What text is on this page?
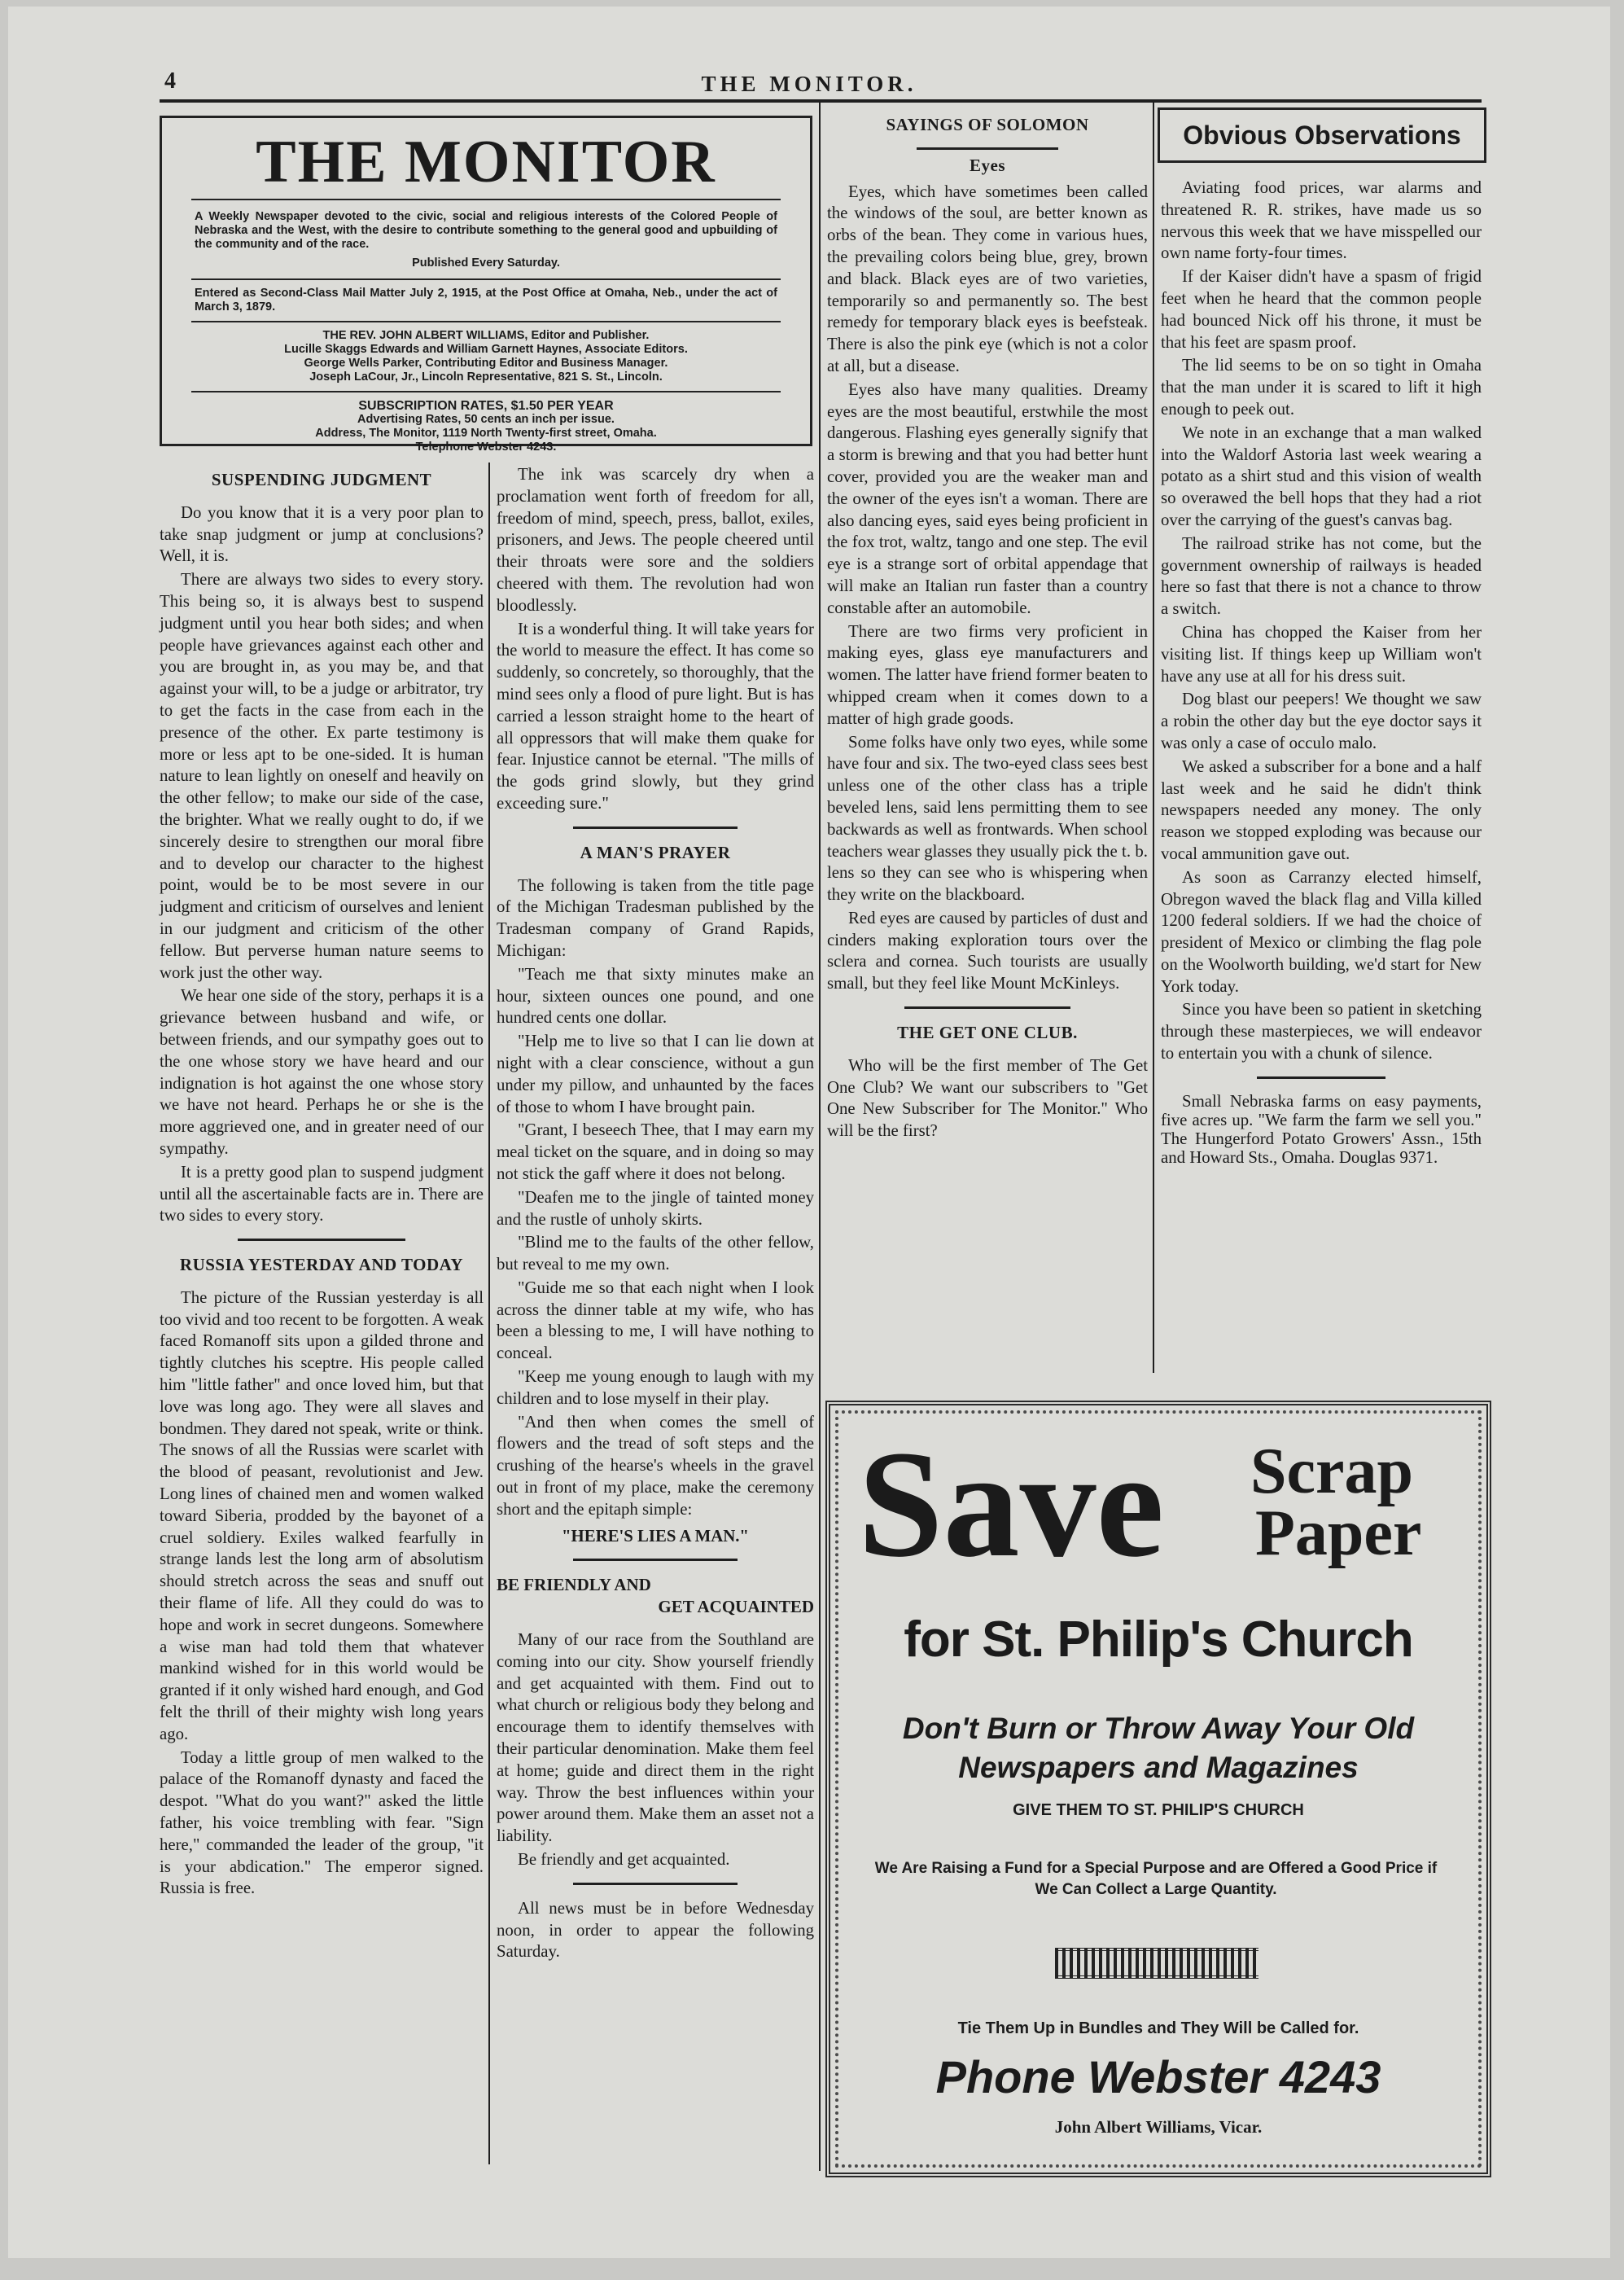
4	THE MONITOR.
THE MONITOR
A Weekly Newspaper devoted to the civic, social and religious interests of the Colored People of Nebraska and the West, with the desire to contribute something to the general good and upbuilding of the community and of the race.
Published Every Saturday.
Entered as Second-Class Mail Matter July 2, 1915, at the Post Office at Omaha, Neb., under the act of March 3, 1879.
THE REV. JOHN ALBERT WILLIAMS, Editor and Publisher.
Lucille Skaggs Edwards and William Garnett Haynes, Associate Editors.
George Wells Parker, Contributing Editor and Business Manager.
Joseph LaCour, Jr., Lincoln Representative, 821 S. St., Lincoln.
SUBSCRIPTION RATES, $1.50 PER YEAR
Advertising Rates, 50 cents an inch per issue.
Address, The Monitor, 1119 North Twenty-first street, Omaha.
Telephone Webster 4243.
SUSPENDING JUDGMENT

Do you know that it is a very poor plan to take snap judgment or jump at conclusions? Well, it is.

There are always two sides to every story. This being so, it is always best to suspend judgment until you hear both sides; and when people have grievances against each other and you are brought in, as you may be, and that against your will, to be a judge or arbitrator, try to get the facts in the case from each in the presence of the other. Ex parte testimony is more or less apt to be one-sided. It is human nature to lean lightly on oneself and heavily on the other fellow; to make our side of the case, the brighter. What we really ought to do, if we sincerely desire to strengthen our moral fibre and to develop our character to the highest point, would be to be most severe in our judgment and criticism of ourselves and lenient in our judgment and criticism of the other fellow. But perverse human nature seems to work just the other way.

We hear one side of the story, perhaps it is a grievance between husband and wife, or between friends, and our sympathy goes out to the one whose story we have heard and our indignation is hot against the one whose story we have not heard. Perhaps he or she is the more aggrieved one, and in greater need of our sympathy.

It is a pretty good plan to suspend judgment until all the ascertainable facts are in. There are two sides to every story.

RUSSIA YESTERDAY AND TODAY

The picture of the Russian yesterday is all too vivid and too recent to be forgotten. A weak faced Romanoff sits upon a gilded throne and tightly clutches his sceptre. His people called him "little father" and once loved him, but that love was long ago. They were all slaves and bondmen. They dared not speak, write or think. The snows of all the Russias were scarlet with the blood of peasant, revolutionist and Jew. Long lines of chained men and women walked toward Siberia, prodded by the bayonet of a cruel soldiery. Exiles walked fearfully in strange lands lest the long arm of absolutism should stretch across the seas and snuff out their flame of life. All they could do was to hope and work in secret dungeons. Somewhere a wise man had told them that whatever mankind wished for in this world would be granted if it only wished hard enough, and God felt the thrill of their mighty wish long years ago.

Today a little group of men walked to the palace of the Romanoff dynasty and faced the despot. "What do you want?" asked the little father, his voice trembling with fear. "Sign here," commanded the leader of the group, "it is your abdication." The emperor signed. Russia is free.

The ink was scarcely dry when a proclamation went forth of freedom for all, freedom of mind, speech, press, ballot, exiles, prisoners, and Jews. The people cheered until their throats were sore and the soldiers cheered with them. The revolution had won bloodlessly.

It is a wonderful thing. It will take years for the world to measure the effect. It has come so suddenly, so concretely, so thoroughly, that the mind sees only a flood of pure light. But is has carried a lesson straight home to the heart of all oppressors that will make them quake for fear. Injustice cannot be eternal. "The mills of the gods grind slowly, but they grind exceeding sure."

A MAN'S PRAYER

The following is taken from the title page of the Michigan Tradesman published by the Tradesman company of Grand Rapids, Michigan:

"Teach me that sixty minutes make an hour, sixteen ounces one pound, and one hundred cents one dollar.

"Help me to live so that I can lie down at night with a clear conscience, without a gun under my pillow, and unhaunted by the faces of those to whom I have brought pain.

"Grant, I beseech Thee, that I may earn my meal ticket on the square, and in doing so may not stick the gaff where it does not belong.

"Deafen me to the jingle of tainted money and the rustle of unholy skirts.

"Blind me to the faults of the other fellow, but reveal to me my own.

"Guide me so that each night when I look across the dinner table at my wife, who has been a blessing to me, I will have nothing to conceal.

"Keep me young enough to laugh with my children and to lose myself in their play.

"And then when comes the smell of flowers and the tread of soft steps and the crushing of the hearse's wheels in the gravel out in front of my place, make the ceremony short and the epitaph simple:

"HERE'S LIES A MAN."

BE FRIENDLY AND
GET ACQUAINTED

Many of our race from the Southland are coming into our city. Show yourself friendly and get acquainted with them. Find out to what church or religious body they belong and encourage them to identify themselves with their particular denomination. Make them feel at home; guide and direct them in the right way. Throw the best influences within your power around them. Make them an asset not a liability.

Be friendly and get acquainted.

All news must be in before Wednesday noon, in order to appear the following Saturday.

SAYINGS OF SOLOMON
Eyes

Eyes, which have sometimes been called the windows of the soul, are better known as orbs of the bean. They come in various hues, the prevailing colors being blue, grey, brown and black. Black eyes are of two varieties, temporarily so and permanently so. The best remedy for temporary black eyes is beefsteak. There is also the pink eye (which is not a color at all, but a disease.

Eyes also have many qualities. Dreamy eyes are the most beautiful, erstwhile the most dangerous. Flashing eyes generally signify that a storm is brewing and that you had better hunt cover, provided you are the weaker man and the owner of the eyes isn't a woman. There are also dancing eyes, said eyes being proficient in the fox trot, waltz, tango and one step. The evil eye is a strange sort of orbital appendage that will make an Italian run faster than a country constable after an automobile.

There are two firms very proficient in making eyes, glass eye manufacturers and women. The latter have friend former beaten to whipped cream when it comes down to a matter of high grade goods.

Some folks have only two eyes, while some have four and six. The two-eyed class sees best unless one of the other class has a triple beveled lens, said lens permitting them to see backwards as well as frontwards. When school teachers wear glasses they usually pick the t. b. lens so they can see who is whispering when they write on the blackboard.

Red eyes are caused by particles of dust and cinders making exploration tours over the sclera and cornea. Such tourists are usually small, but they feel like Mount McKinleys.

THE GET ONE CLUB.

Who will be the first member of The Get One Club? We want our subscribers to "Get One New Subscriber for The Monitor." Who will be the first?

Obvious Observations

Aviating food prices, war alarms and threatened R. R. strikes, have made us so nervous this week that we have misspelled our own name forty-four times.

If der Kaiser didn't have a spasm of frigid feet when he heard that the common people had bounced Nick off his throne, it must be that his feet are spasm proof.

The lid seems to be on so tight in Omaha that the man under it is scared to lift it high enough to peek out.

We note in an exchange that a man walked into the Waldorf Astoria last week wearing a potato as a shirt stud and this vision of wealth so overawed the bell hops that they had a riot over the carrying of the guest's canvas bag.

The railroad strike has not come, but the government ownership of railways is headed here so fast that there is not a chance to throw a switch.

China has chopped the Kaiser from her visiting list. If things keep up William won't have any use at all for his dress suit.

Dog blast our peepers! We thought we saw a robin the other day but the eye doctor says it was only a case of occulo malo.

We asked a subscriber for a bone and a half last week and he said he didn't think newspapers needed any money. The only reason we stopped exploding was because our vocal ammunition gave out.

As soon as Carranzy elected himself, Obregon waved the black flag and Villa killed 1200 federal soldiers. If we had the choice of president of Mexico or climbing the flag pole on the Woolworth building, we'd start for New York today.

Since you have been so patient in sketching through these masterpieces, we will endeavor to entertain you with a chunk of silence.

Small Nebraska farms on easy payments, five acres up. "We farm the farm we sell you." The Hungerford Potato Growers' Assn., 15th and Howard Sts., Omaha. Douglas 9371.

Save Scrap
Paper
for St. Philip's Church
Don't Burn or Throw Away Your Old
Newspapers and Magazines
GIVE THEM TO ST. PHILIP'S CHURCH
We Are Raising a Fund for a Special Purpose and are Offered a Good Price if We Can Collect a Large Quantity.
Tie Them Up in Bundles and They Will be Called for.
Phone Webster 4243
John Albert Williams, Vicar.
